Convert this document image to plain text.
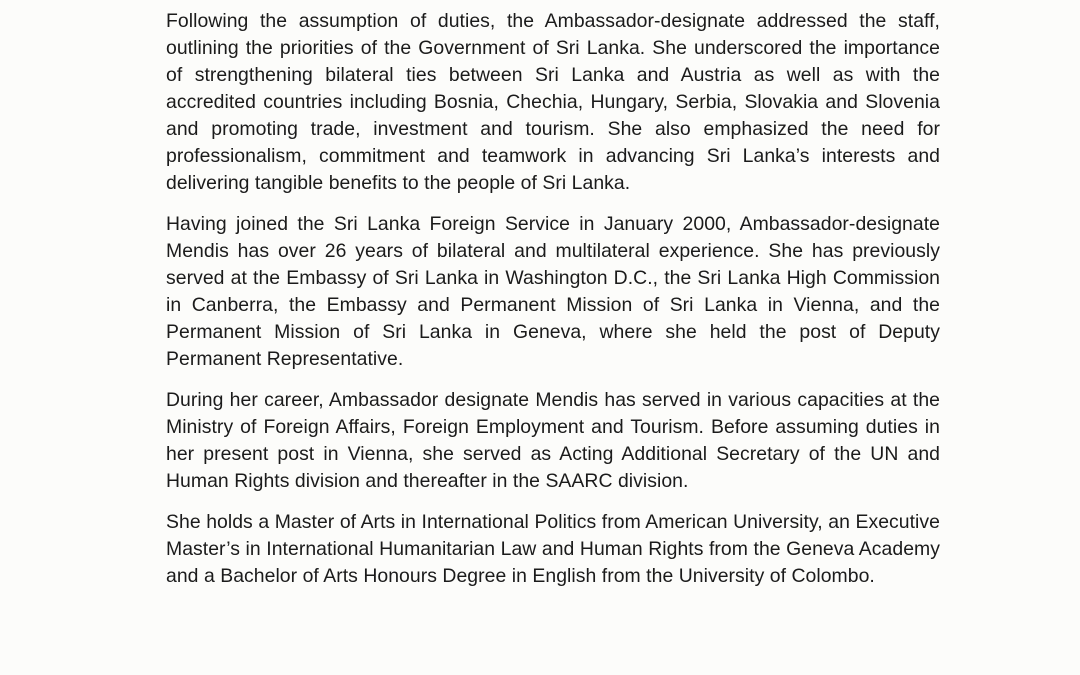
Following the assumption of duties, the Ambassador-designate addressed the staff, outlining the priorities of the Government of Sri Lanka. She underscored the importance of strengthening bilateral ties between Sri Lanka and Austria as well as with the accredited countries including Bosnia, Chechia, Hungary, Serbia, Slovakia and Slovenia and promoting trade, investment and tourism. She also emphasized the need for professionalism, commitment and teamwork in advancing Sri Lanka’s interests and delivering tangible benefits to the people of Sri Lanka.

Having joined the Sri Lanka Foreign Service in January 2000, Ambassador-designate Mendis has over 26 years of bilateral and multilateral experience. She has previously served at the Embassy of Sri Lanka in Washington D.C., the Sri Lanka High Commission in Canberra, the Embassy and Permanent Mission of Sri Lanka in Vienna, and the Permanent Mission of Sri Lanka in Geneva, where she held the post of Deputy Permanent Representative.

During her career, Ambassador designate Mendis has served in various capacities at the Ministry of Foreign Affairs, Foreign Employment and Tourism. Before assuming duties in her present post in Vienna, she served as Acting Additional Secretary of the UN and Human Rights division and thereafter in the SAARC division.

She holds a Master of Arts in International Politics from American University, an Executive Master’s in International Humanitarian Law and Human Rights from the Geneva Academy and a Bachelor of Arts Honours Degree in English from the University of Colombo.
